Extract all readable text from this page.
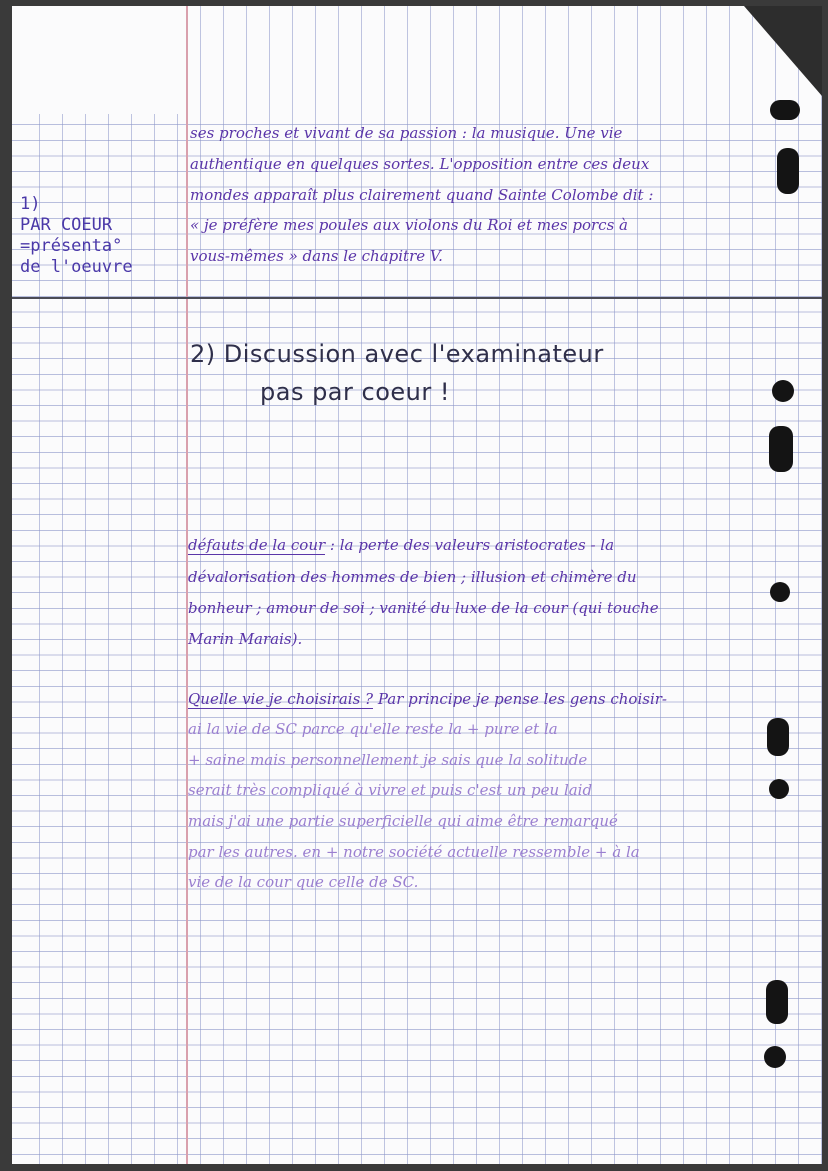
1)
PAR COEUR
=présenta°
de l'oeuvre
ses proches et vivant de sa passion : la musique. Une vie
authentique en quelques sortes. L'opposition entre ces deux
mondes apparaît plus clairement quand Sainte Colombe dit :
« je préfère mes poules aux violons du Roi et mes porcs à
vous-mêmes » dans le chapitre V.
2) Discussion avec l'examinateur
pas par coeur !
défauts de la cour : la perte des valeurs aristocrates - la
dévalorisation des hommes de bien ; illusion et chimère du
bonheur ; amour de soi ; vanité du luxe de la cour (qui touche
Marin Marais).
Quelle vie je choisirais ? Par principe je pense les gens choisir-
ai la vie de SC parce qu'elle reste la + pure et la
+ saine mais personnellement je sais que la solitude
serait très compliqué à vivre et puis c'est un peu laid
mais j'ai une partie superficielle qui aime être remarqué
par les autres. en + notre société actuelle ressemble + à la
vie de la cour que celle de SC.
